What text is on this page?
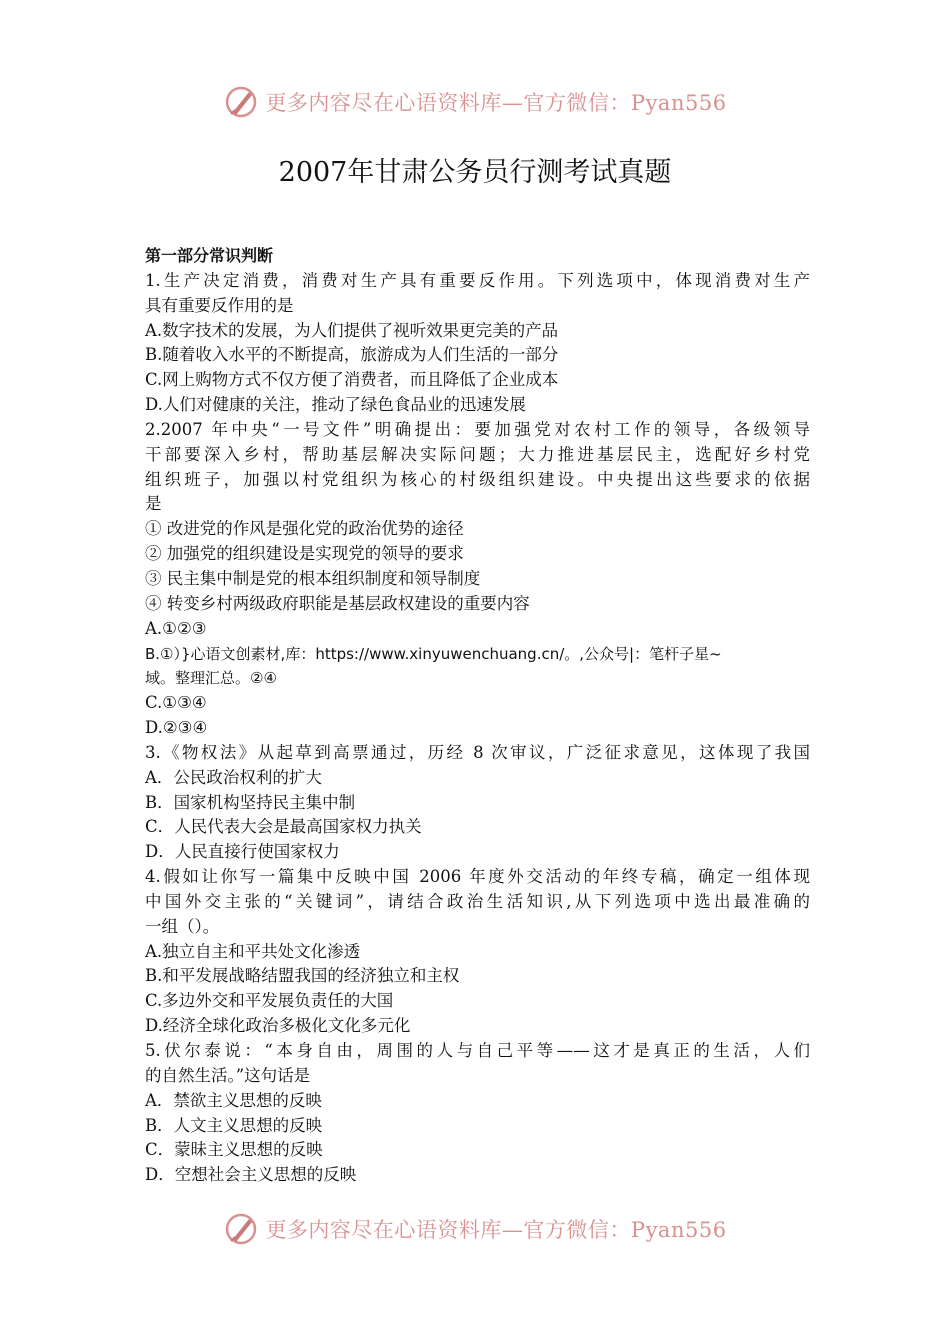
更多内容尽在心语资料库—官方微信：Pyan556
2007年甘肃公务员行测考试真题
第一部分常识判断
1.生产决定消费，消费对生产具有重要反作用。下列选项中，体现消费对生产
具有重要反作用的是
A.数字技术的发展，为人们提供了视听效果更完美的产品
B.随着收入水平的不断提高，旅游成为人们生活的一部分
C.网上购物方式不仅方便了消费者，而且降低了企业成本
D.人们对健康的关注，推动了绿色食品业的迅速发展
2.2007 年中央“一号文件”明确提出：要加强党对农村工作的领导，各级领导
干部要深入乡村，帮助基层解决实际问题；大力推进基层民主，选配好乡村党
组织班子，加强以村党组织为核心的村级组织建设。中央提出这些要求的依据
是
① 改进党的作风是强化党的政治优势的途径
② 加强党的组织建设是实现党的领导的要求
③ 民主集中制是党的根本组织制度和领导制度
④ 转变乡村两级政府职能是基层政权建设的重要内容
A.①②③
B.①）}心语文创素材,库：https://www.xinyuwenchuang.cn/。,公众号|：笔杆子星~
域。整理汇总。②④
C.①③④
D.②③④
3.《物权法》从起草到高票通过，历经 8 次审议，广泛征求意见，这体现了我国
A．公民政治权利的扩大
B．国家机构坚持民主集中制
C．人民代表大会是最高国家权力执关
D．人民直接行使国家权力
4.假如让你写一篇集中反映中国 2006 年度外交活动的年终专稿，确定一组体现
中国外交主张的“关键词”，请结合政治生活知识,从下列选项中选出最准确的
一组（）。
A.独立自主和平共处文化渗透
B.和平发展战略结盟我国的经济独立和主权
C.多边外交和平发展负责任的大国
D.经济全球化政治多极化文化多元化
5.伏尔泰说：“本身自由，周围的人与自己平等——这才是真正的生活，人们
的自然生活。”这句话是
A．禁欲主义思想的反映
B．人文主义思想的反映
C．蒙昧主义思想的反映
D．空想社会主义思想的反映
更多内容尽在心语资料库—官方微信：Pyan556
